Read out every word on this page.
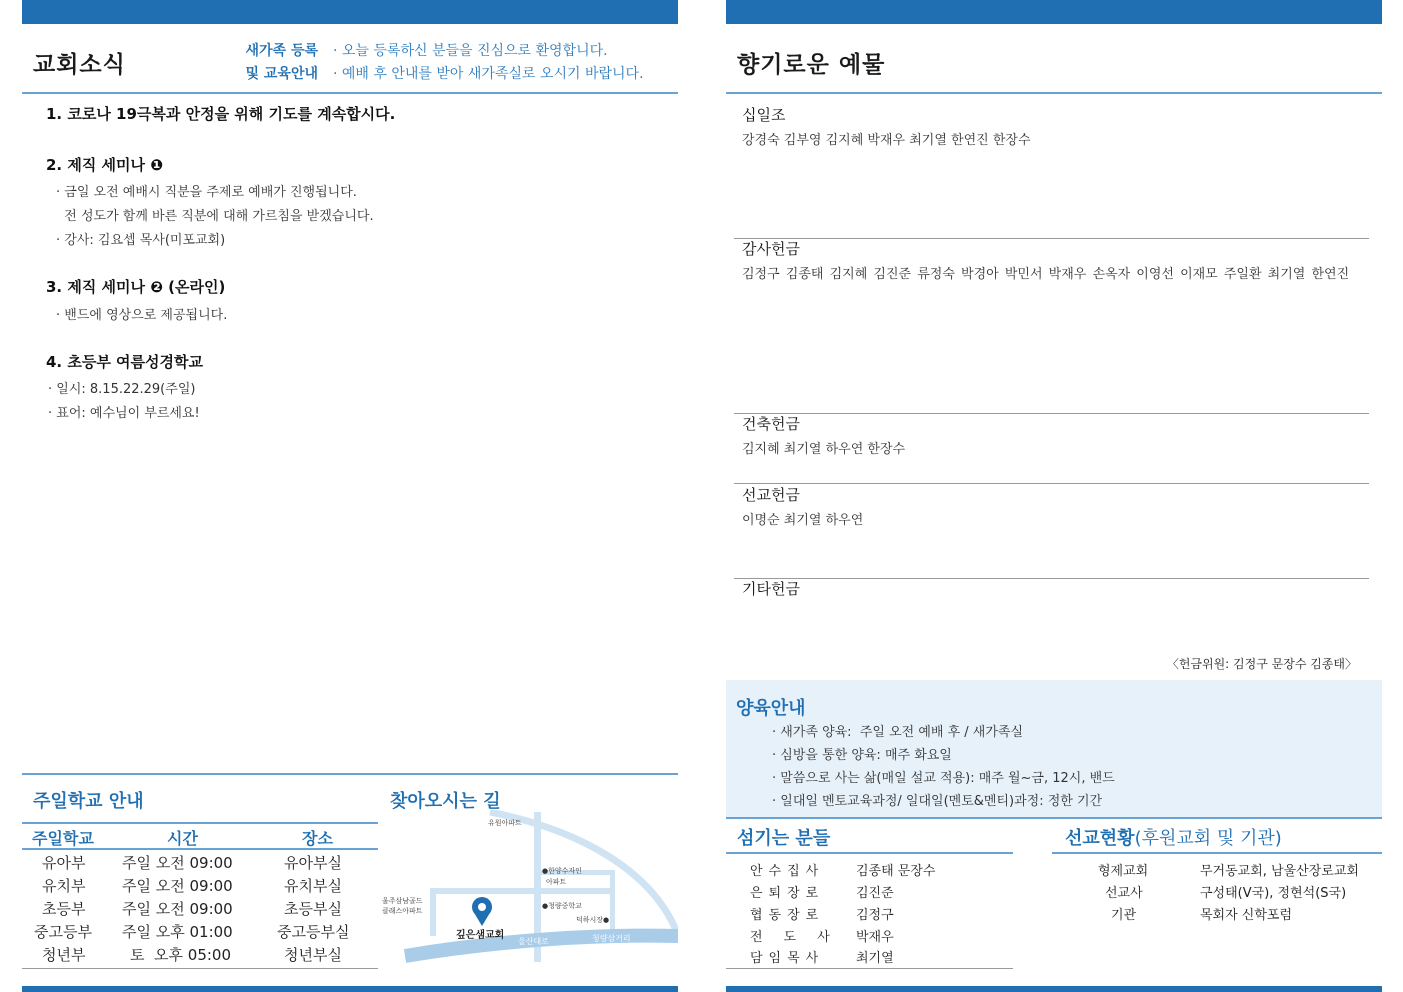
교회소식
새가족 등록
및 교육안내
· 오늘 등록하신 분들을 진심으로 환영합니다.
· 예배 후 안내를 받아 새가족실로 오시기 바랍니다.
1. 코로나 19극복과 안정을 위해 기도를 계속합시다.
2. 제직 세미나 ❶
· 금일 오전 예배시 직분을 주제로 예배가 진행됩니다.
전 성도가 함께 바른 직분에 대해 가르침을 받겠습니다.
· 강사: 김요셉 목사(미포교회)
3. 제직 세미나 ❷ (온라인)
· 밴드에 영상으로 제공됩니다.
4. 초등부 여름성경학교
· 일시: 8.15.22.29(주일)
· 표어: 예수님이 부르세요!
주일학교 안내
주일학교	시간	장소
유아부 주일 오전 09:00	유아부실
유치부 주일 오전 09:00	유치부실
초등부 주일 오전 09:00	초등부실
중고등부 주일 오후 01:00	중고등부실
청년부	토  오후 05:00	청년부실
찾아오시는 길
유원아파트
●한양수자인
아파트
●청량중학교
덕하시장●
울주삼남골드
클래스아파트
깊은샘교회
울산대로	청량삼거리
향기로운 예물
십일조
강경숙 김부영 김지혜 박재우 최기열 한연진 한장수
감사헌금
김정구 김종태 김지혜 김진준 류정숙 박경아 박민서 박재우 손옥자 이영선 이재모 주일환 최기열 한연진
건축헌금
김지혜 최기열 하우연 한장수
선교헌금
이명순 최기열 하우연
기타헌금
〈헌금위원: 김정구 문장수 김종태〉
양육안내
· 새가족 양육:  주일 오전 예배 후 / 새가족실
· 심방을 통한 양육: 매주 화요일
· 말씀으로 사는 삶(매일 설교 적용): 매주 월~금, 12시, 밴드
· 일대일 멘토교육과정/ 일대일(멘토&멘티)과정: 정한 기간
섬기는 분들
안수집사 김종태 문장수
은퇴장로 김진준
협동장로 김정구
전도사 박재우
담임목사 최기열
선교현황(후원교회 및 기관)
형제교회	무거동교회, 남울산장로교회
선교사	구성태(V국), 정현석(S국)
기관	목회자 신학포럼
